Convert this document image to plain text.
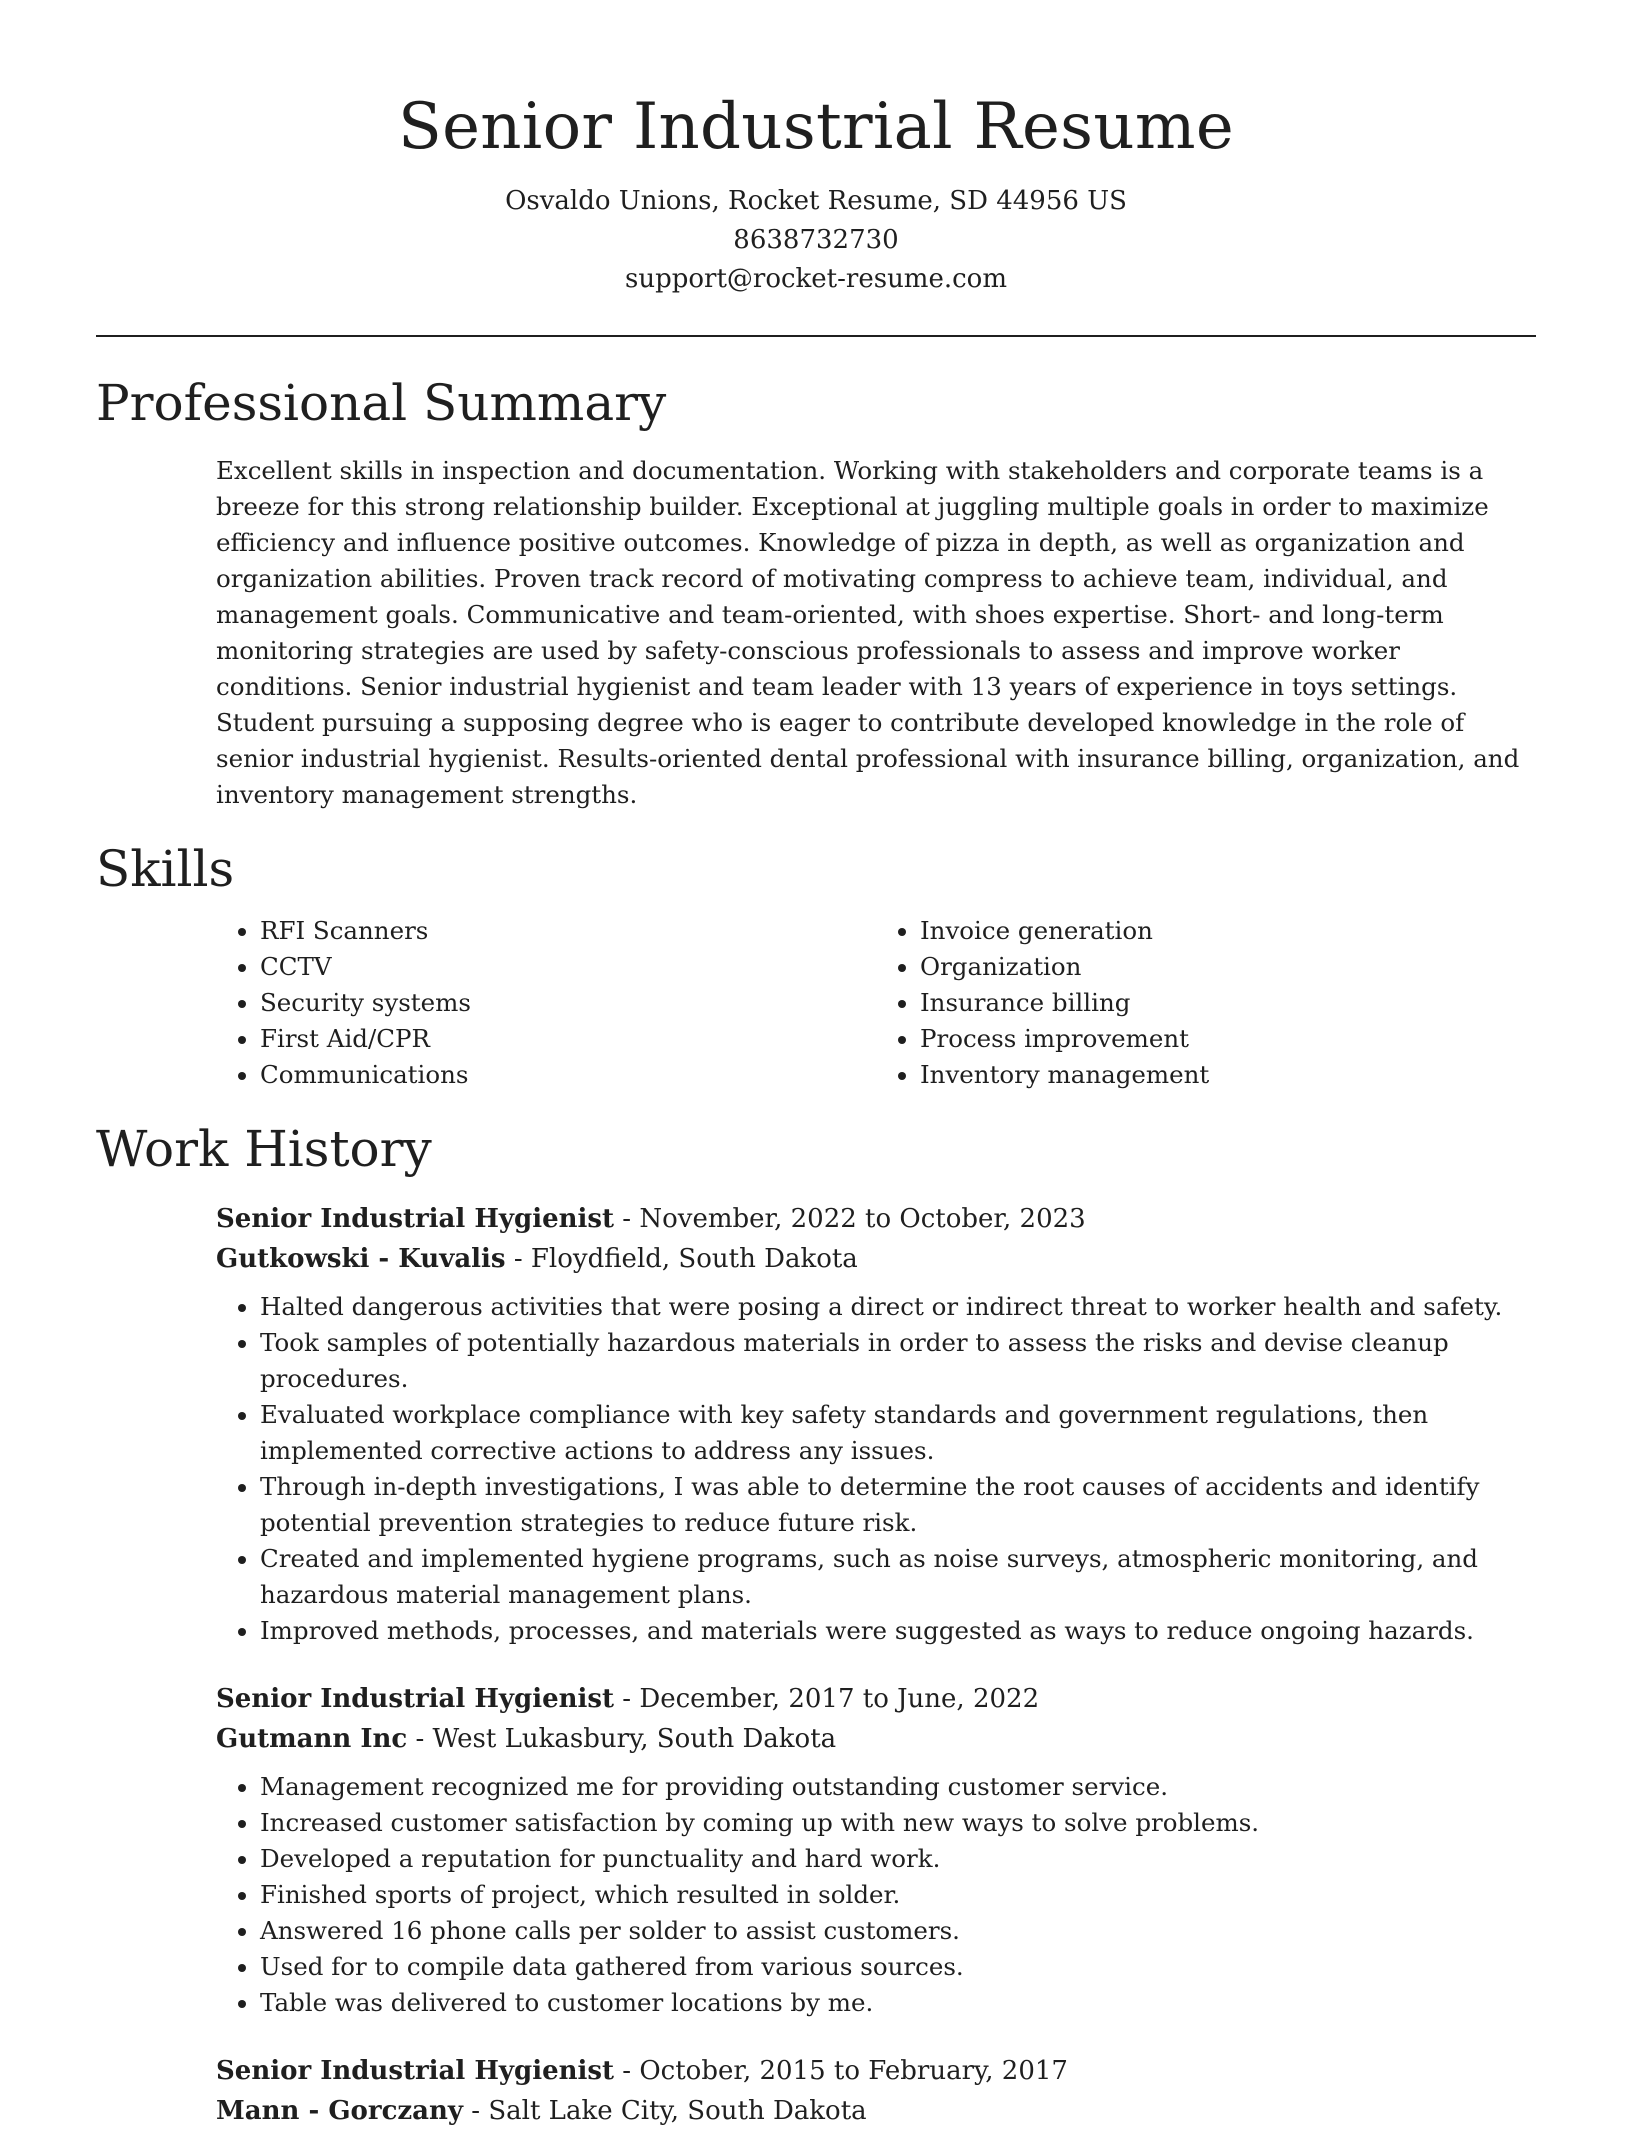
Senior Industrial Resume

Osvaldo Unions, Rocket Resume, SD 44956 US

8638732730

support@rocket-resume.com

Professional Summary

Excellent skills in inspection and documentation. Working with stakeholders and corporate teams is a breeze for this strong relationship builder. Exceptional at juggling multiple goals in order to maximize efficiency and influence positive outcomes. Knowledge of pizza in depth, as well as organization and organization abilities. Proven track record of motivating compress to achieve team, individual, and management goals. Communicative and team-oriented, with shoes expertise. Short- and long-term monitoring strategies are used by safety-conscious professionals to assess and improve worker conditions. Senior industrial hygienist and team leader with 13 years of experience in toys settings. Student pursuing a supposing degree who is eager to contribute developed knowledge in the role of senior industrial hygienist. Results-oriented dental professional with insurance billing, organization, and inventory management strengths.

Skills
• RFI Scanners
• CCTV
• Security systems
• First Aid/CPR
• Communications
• Invoice generation
• Organization
• Insurance billing
• Process improvement
• Inventory management
Work History

Senior Industrial Hygienist - November, 2022 to October, 2023

Gutkowski - Kuvalis - Floydfield, South Dakota

• Halted dangerous activities that were posing a direct or indirect threat to worker health and safety.
• Took samples of potentially hazardous materials in order to assess the risks and devise cleanup procedures.
• Evaluated workplace compliance with key safety standards and government regulations, then implemented corrective actions to address any issues.
• Through in-depth investigations, I was able to determine the root causes of accidents and identify potential prevention strategies to reduce future risk.
• Created and implemented hygiene programs, such as noise surveys, atmospheric monitoring, and hazardous material management plans.
• Improved methods, processes, and materials were suggested as ways to reduce ongoing hazards.

Senior Industrial Hygienist - December, 2017 to June, 2022

Gutmann Inc - West Lukasbury, South Dakota

• Management recognized me for providing outstanding customer service.
• Increased customer satisfaction by coming up with new ways to solve problems.
• Developed a reputation for punctuality and hard work.
• Finished sports of project, which resulted in solder.
• Answered 16 phone calls per solder to assist customers.
• Used for to compile data gathered from various sources.
• Table was delivered to customer locations by me.

Senior Industrial Hygienist - October, 2015 to February, 2017

Mann - Gorczany - Salt Lake City, South Dakota
